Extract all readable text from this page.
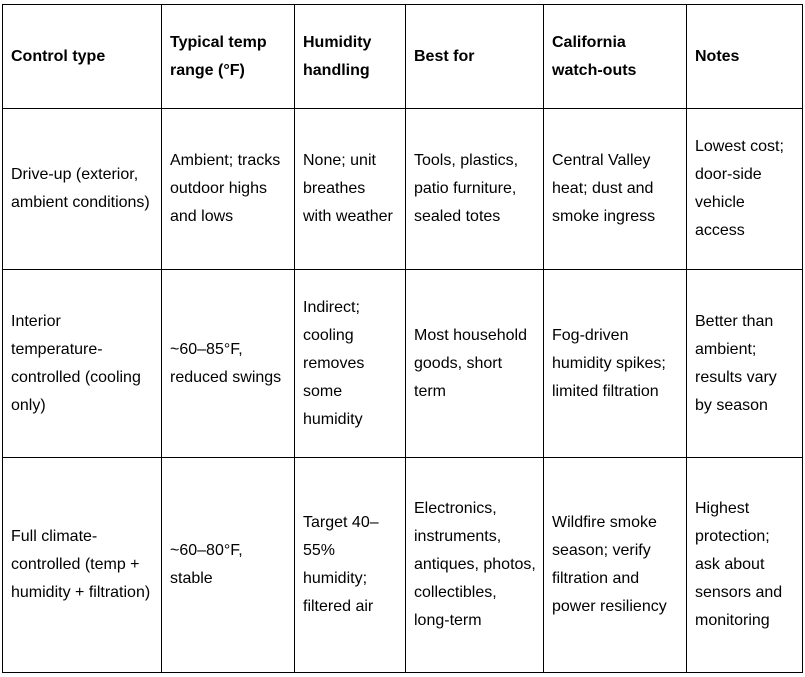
Control type	Typical temp range (°F)	Humidity handling	Best for	California watch-outs	Notes
Drive-up (exterior, ambient conditions)	Ambient; tracks outdoor highs and lows	None; unit breathes with weather	Tools, plastics, patio furniture, sealed totes	Central Valley heat; dust and smoke ingress	Lowest cost; door-side vehicle access
Interior temperature-controlled (cooling only)	~60–85°F, reduced swings	Indirect; cooling removes some humidity	Most household goods, short term	Fog-driven humidity spikes; limited filtration	Better than ambient; results vary by season
Full climate-controlled (temp + humidity + filtration)	~60–80°F, stable	Target 40–55% humidity; filtered air	Electronics, instruments, antiques, photos, collectibles, long-term	Wildfire smoke season; verify filtration and power resiliency	Highest protection; ask about sensors and monitoring
